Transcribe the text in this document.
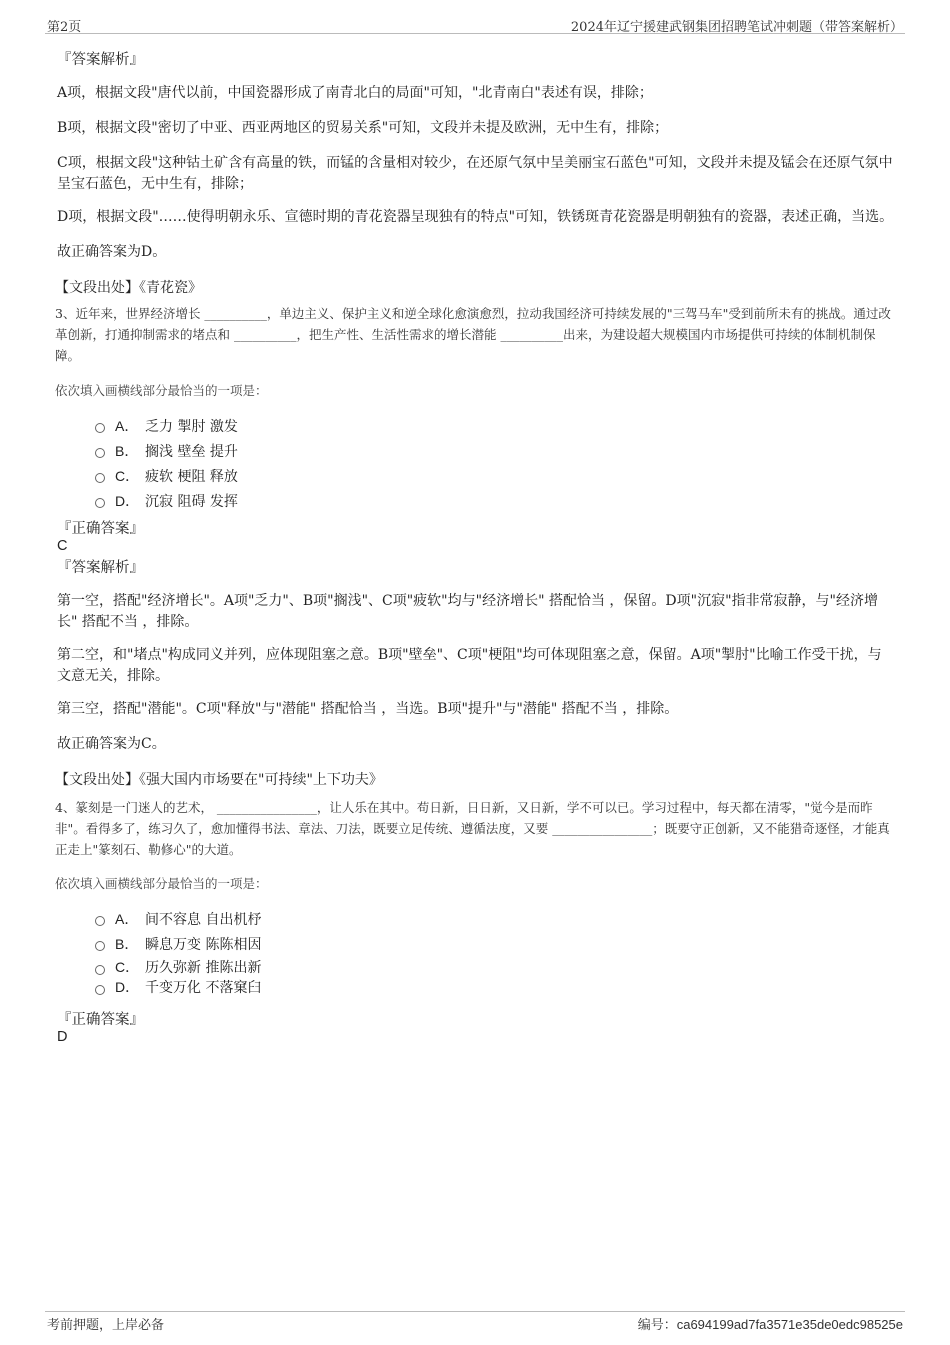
第2页	2024年辽宁援建武钢集团招聘笔试冲刺题（带答案解析）
『答案解析』

A项，根据文段"唐代以前，中国瓷器形成了南青北白的局面"可知，"北青南白"表述有误，排除；

B项，根据文段"密切了中亚、西亚两地区的贸易关系"可知，文段并未提及欧洲，无中生有，排除；

C项，根据文段"这种钴土矿含有高量的铁，而锰的含量相对较少，在还原气氛中呈美丽宝石蓝色"可知，文段并未提及锰会在还原气氛中呈宝石蓝色，无中生有，排除；

D项，根据文段"……使得明朝永乐、宣德时期的青花瓷器呈现独有的特点"可知，铁锈斑青花瓷器是明朝独有的瓷器，表述正确，当选。

故正确答案为D。

【文段出处】《青花瓷》

3、近年来，世界经济增长 __________，单边主义、保护主义和逆全球化愈演愈烈，拉动我国经济可持续发展的"三驾马车"受到前所未有的挑战。通过改革创新，打通抑制需求的堵点和 __________，把生产性、生活性需求的增长潜能 __________出来，为建设超大规模国内市场提供可持续的体制机制保障。

依次填入画横线部分最恰当的一项是：

A． 乏力 掣肘 激发
B． 搁浅 壁垒 提升
C． 疲软 梗阻 释放
D． 沉寂 阻碍 发挥
『正确答案』
C
『答案解析』

第一空，搭配"经济增长"。A项"乏力"、B项"搁浅"、C项"疲软"均与"经济增长" 搭配恰当 ，保留。D项"沉寂"指非常寂静，与"经济增长" 搭配不当 ，排除。

第二空，和"堵点"构成同义并列，应体现阻塞之意。B项"壁垒"、C项"梗阻"均可体现阻塞之意，保留。A项"掣肘"比喻工作受干扰，与文意无关，排除。

第三空，搭配"潜能"。C项"释放"与"潜能" 搭配恰当 ，当选。B项"提升"与"潜能" 搭配不当 ，排除。

故正确答案为C。

【文段出处】《强大国内市场要在"可持续"上下功夫》

4、篆刻是一门迷人的艺术， ________________，让人乐在其中。苟日新，日日新，又日新，学不可以已。学习过程中，每天都在清零，"觉今是而昨非"。看得多了，练习久了，愈加懂得书法、章法、刀法，既要立足传统、遵循法度，又要 ________________；既要守正创新，又不能猎奇逐怪，才能真正走上"篆刻石、勒修心"的大道。

依次填入画横线部分最恰当的一项是：

A． 间不容息 自出机杼
B． 瞬息万变 陈陈相因
C． 历久弥新 推陈出新
D． 千变万化 不落窠臼
『正确答案』
D
考前押题，上岸必备	编号：ca694199ad7fa3571e35de0edc98525e
